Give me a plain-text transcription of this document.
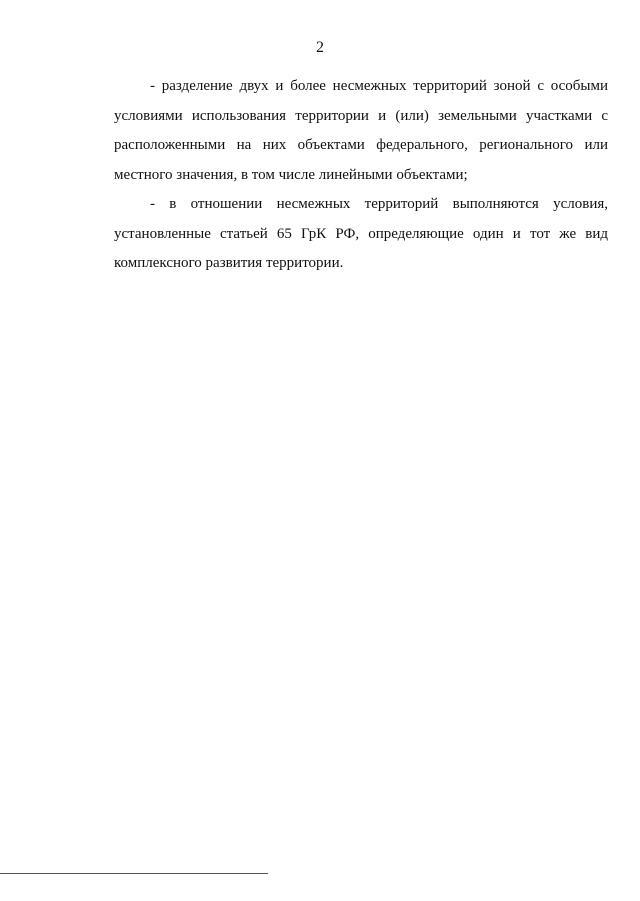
2

- разделение двух и более несмежных территорий зоной с особыми условиями использования территории и (или) земельными участками с расположенными на них объектами федерального, регионального или местного значения, в том числе линейными объектами;

- в отношении несмежных территорий выполняются условия, установленные статьей 65 ГрК РФ, определяющие один и тот же вид комплексного развития территории.
